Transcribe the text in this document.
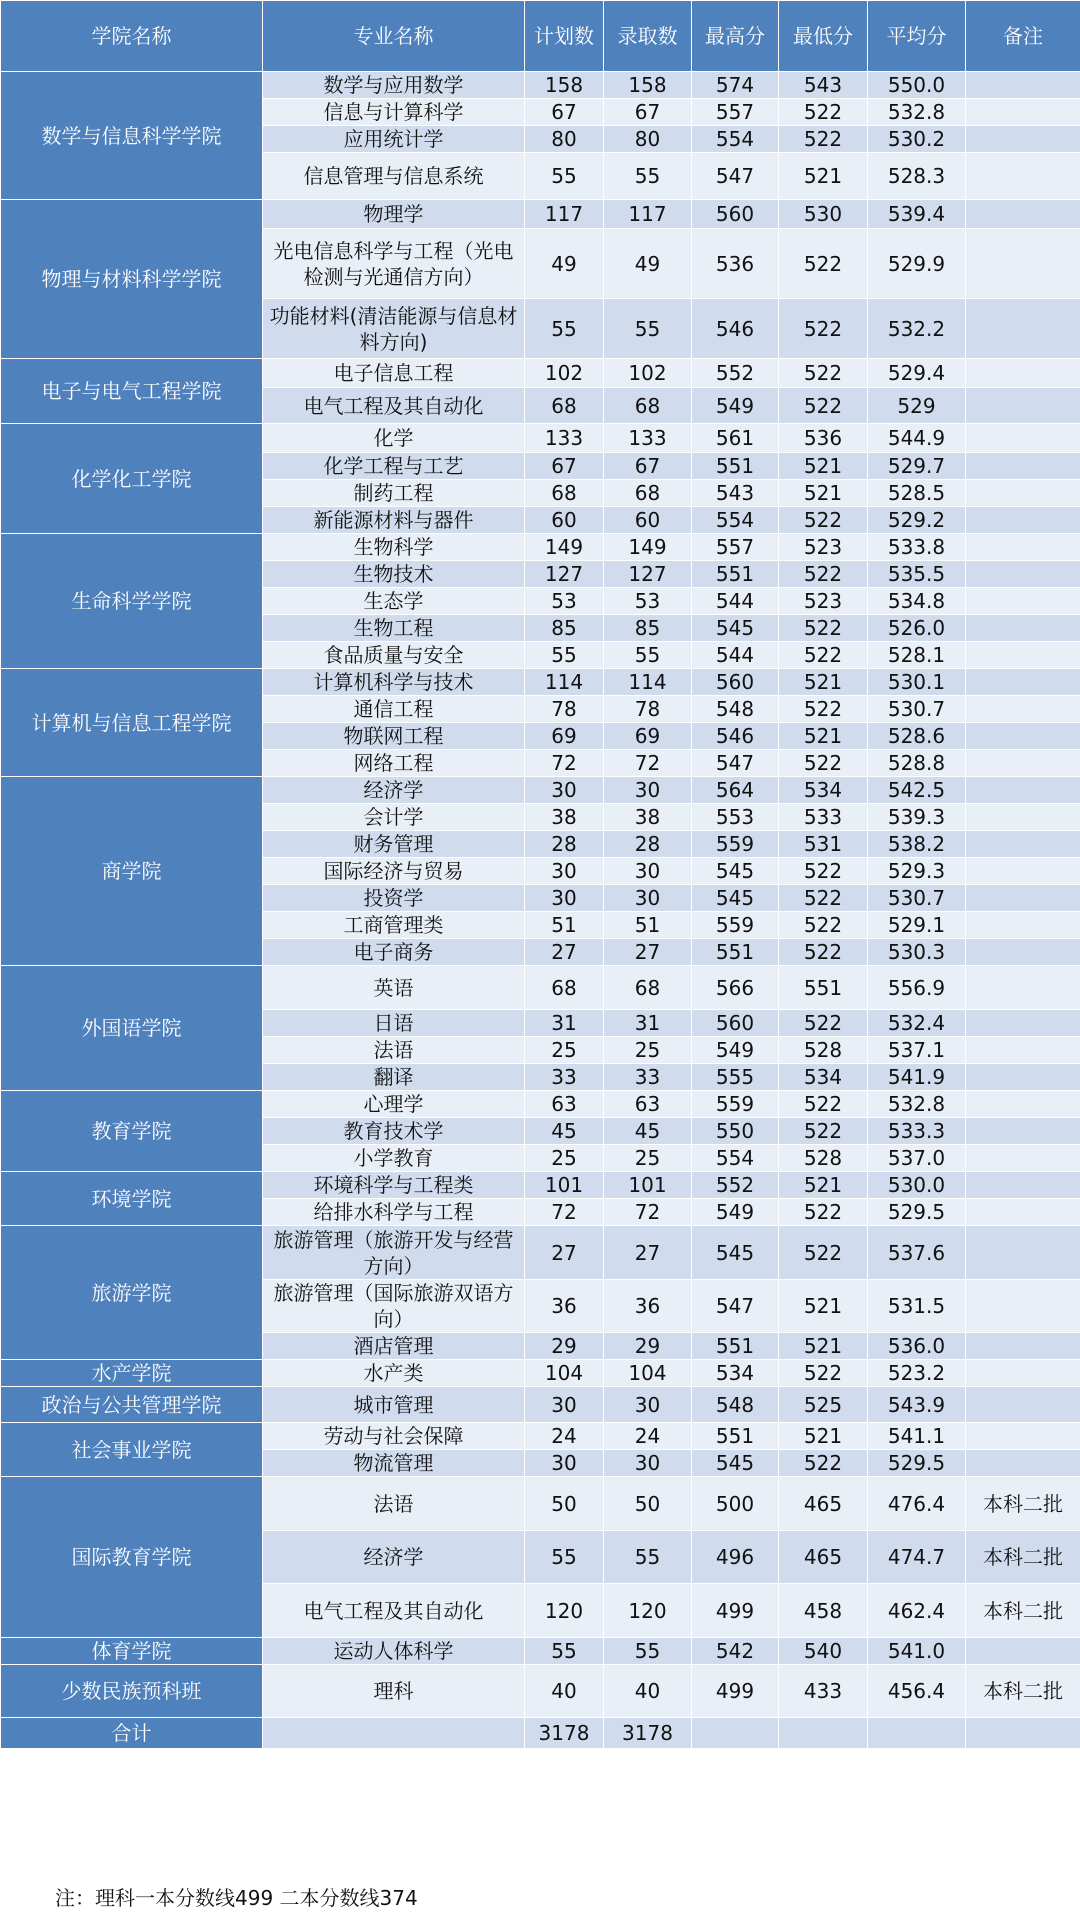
学院名称	专业名称	计划数	录取数	最高分	最低分	平均分	备注
数学与信息科学学院	数学与应用数学	158	158	574	543	550.0	
	信息与计算科学	67	67	557	522	532.8	
	应用统计学	80	80	554	522	530.2	
	信息管理与信息系统	55	55	547	521	528.3	
物理与材料科学学院	物理学	117	117	560	530	539.4	
	光电信息科学与工程（光电检测与光通信方向）	49	49	536	522	529.9	
	功能材料(清洁能源与信息材料方向)	55	55	546	522	532.2	
电子与电气工程学院	电子信息工程	102	102	552	522	529.4	
	电气工程及其自动化	68	68	549	522	529	
化学化工学院	化学	133	133	561	536	544.9	
	化学工程与工艺	67	67	551	521	529.7	
	制药工程	68	68	543	521	528.5	
	新能源材料与器件	60	60	554	522	529.2	
生命科学学院	生物科学	149	149	557	523	533.8	
	生物技术	127	127	551	522	535.5	
	生态学	53	53	544	523	534.8	
	生物工程	85	85	545	522	526.0	
	食品质量与安全	55	55	544	522	528.1	
计算机与信息工程学院	计算机科学与技术	114	114	560	521	530.1	
	通信工程	78	78	548	522	530.7	
	物联网工程	69	69	546	521	528.6	
	网络工程	72	72	547	522	528.8	
商学院	经济学	30	30	564	534	542.5	
	会计学	38	38	553	533	539.3	
	财务管理	28	28	559	531	538.2	
	国际经济与贸易	30	30	545	522	529.3	
	投资学	30	30	545	522	530.7	
	工商管理类	51	51	559	522	529.1	
	电子商务	27	27	551	522	530.3	
外国语学院	英语	68	68	566	551	556.9	
	日语	31	31	560	522	532.4	
	法语	25	25	549	528	537.1	
	翻译	33	33	555	534	541.9	
教育学院	心理学	63	63	559	522	532.8	
	教育技术学	45	45	550	522	533.3	
	小学教育	25	25	554	528	537.0	
环境学院	环境科学与工程类	101	101	552	521	530.0	
	给排水科学与工程	72	72	549	522	529.5	
旅游学院	旅游管理（旅游开发与经营方向）	27	27	545	522	537.6	
	旅游管理（国际旅游双语方向）	36	36	547	521	531.5	
	酒店管理	29	29	551	521	536.0	
水产学院	水产类	104	104	534	522	523.2	
政治与公共管理学院	城市管理	30	30	548	525	543.9	
社会事业学院	劳动与社会保障	24	24	551	521	541.1	
	物流管理	30	30	545	522	529.5	
国际教育学院	法语	50	50	500	465	476.4	本科二批
	经济学	55	55	496	465	474.7	本科二批
	电气工程及其自动化	120	120	499	458	462.4	本科二批
体育学院	运动人体科学	55	55	542	540	541.0	
少数民族预科班	理科	40	40	499	433	456.4	本科二批
合计		3178	3178				
注：理科一本分数线499 二本分数线374
